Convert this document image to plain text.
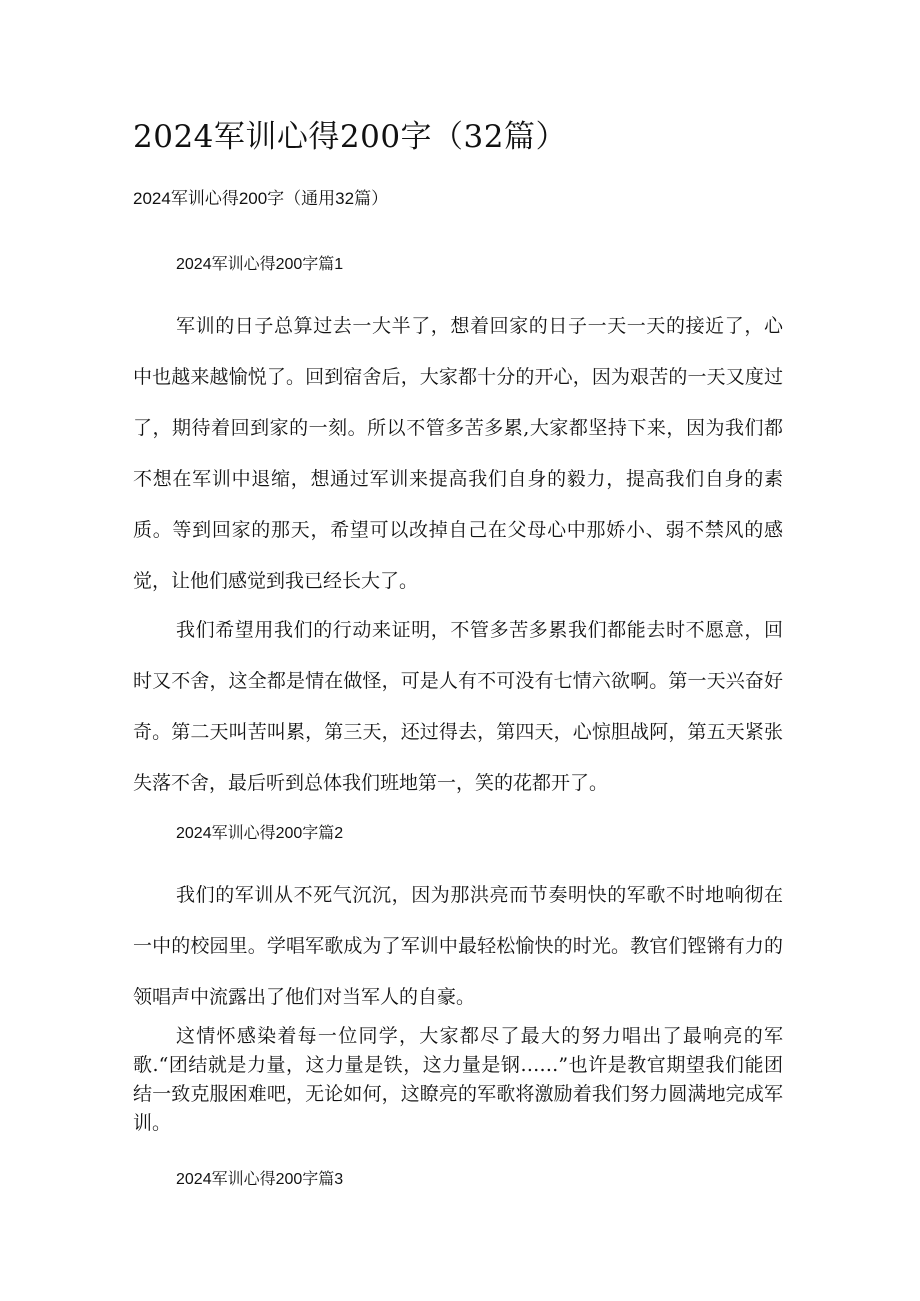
2024军训心得200字（32篇）
2024军训心得200字（通用32篇）
2024军训心得200字篇1

军训的日子总算过去一大半了，想着回家的日子一天一天的接近了，心中也越来越愉悦了。回到宿舍后，大家都十分的开心，因为艰苦的一天又度过了，期待着回到家的一刻。所以不管多苦多累,大家都坚持下来，因为我们都不想在军训中退缩，想通过军训来提高我们自身的毅力，提高我们自身的素质。等到回家的那天，希望可以改掉自己在父母心中那娇小、弱不禁风的感觉，让他们感觉到我已经长大了。

我们希望用我们的行动来证明，不管多苦多累我们都能去时不愿意，回时又不舍，这全都是情在做怪，可是人有不可没有七情六欲啊。第一天兴奋好奇。第二天叫苦叫累，第三天，还过得去，第四天，心惊胆战阿，第五天紧张失落不舍，最后听到总体我们班地第一，笑的花都开了。

2024军训心得200字篇2

我们的军训从不死气沉沉，因为那洪亮而节奏明快的军歌不时地响彻在一中的校园里。学唱军歌成为了军训中最轻松愉快的时光。教官们铿锵有力的领唱声中流露出了他们对当军人的自豪。

这情怀感染着每一位同学，大家都尽了最大的努力唱出了最响亮的军歌.“团结就是力量，这力量是铁，这力量是钢……”也许是教官期望我们能团结一致克服困难吧，无论如何，这瞭亮的军歌将激励着我们努力圆满地完成军训。

2024军训心得200字篇3
